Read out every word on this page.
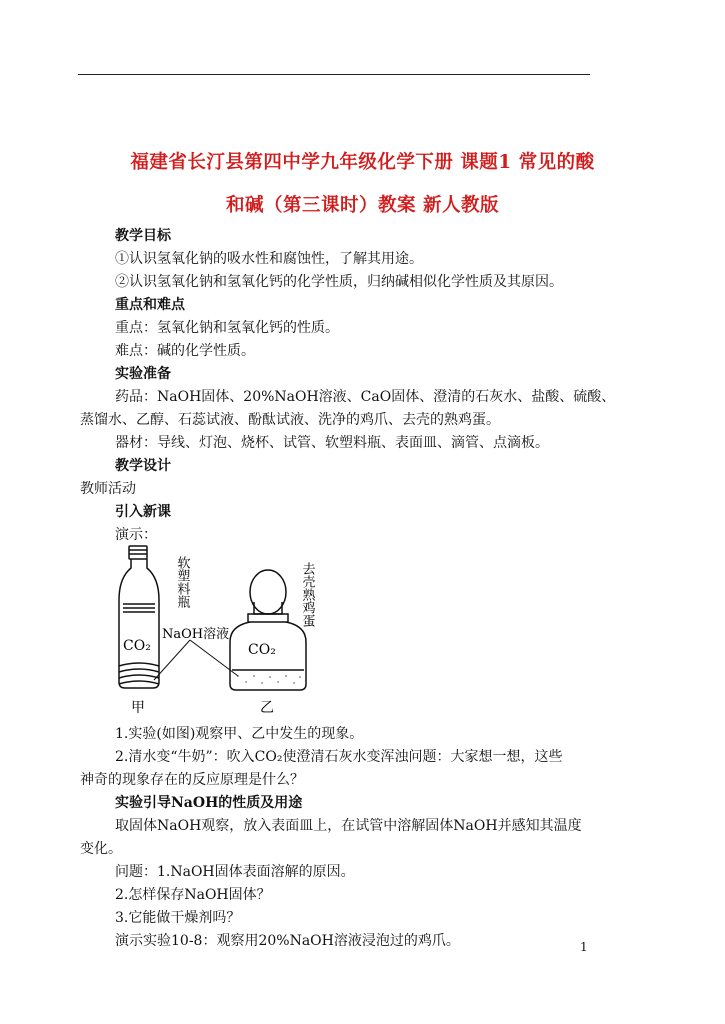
福建省长汀县第四中学九年级化学下册 课题1 常见的酸
和碱（第三课时）教案 新人教版
教学目标
①认识氢氧化钠的吸水性和腐蚀性，了解其用途。
②认识氢氧化钠和氢氧化钙的化学性质，归纳碱相似化学性质及其原因。
重点和难点
重点：氢氧化钠和氢氧化钙的性质。
难点：碱的化学性质。
实验准备
药品：NaOH固体、20%NaOH溶液、CaO固体、澄清的石灰水、盐酸、硫酸、
蒸馏水、乙醇、石蕊试液、酚酞试液、洗净的鸡爪、去壳的熟鸡蛋。
器材：导线、灯泡、烧杯、试管、软塑料瓶、表面皿、滴管、点滴板。
教学设计
教师活动
引入新课
演示：
CO₂	CO₂
NaOH溶液
软塑料瓶	去壳熟鸡蛋
甲	乙
1.实验(如图)观察甲、乙中发生的现象。
2.清水变“牛奶”：吹入CO₂使澄清石灰水变浑浊问题：大家想一想，这些
神奇的现象存在的反应原理是什么？
实验引导NaOH的性质及用途
取固体NaOH观察，放入表面皿上，在试管中溶解固体NaOH并感知其温度
变化。
问题：1.NaOH固体表面溶解的原因。
2.怎样保存NaOH固体？
3.它能做干燥剂吗？
演示实验10-8：观察用20%NaOH溶液浸泡过的鸡爪。	1
